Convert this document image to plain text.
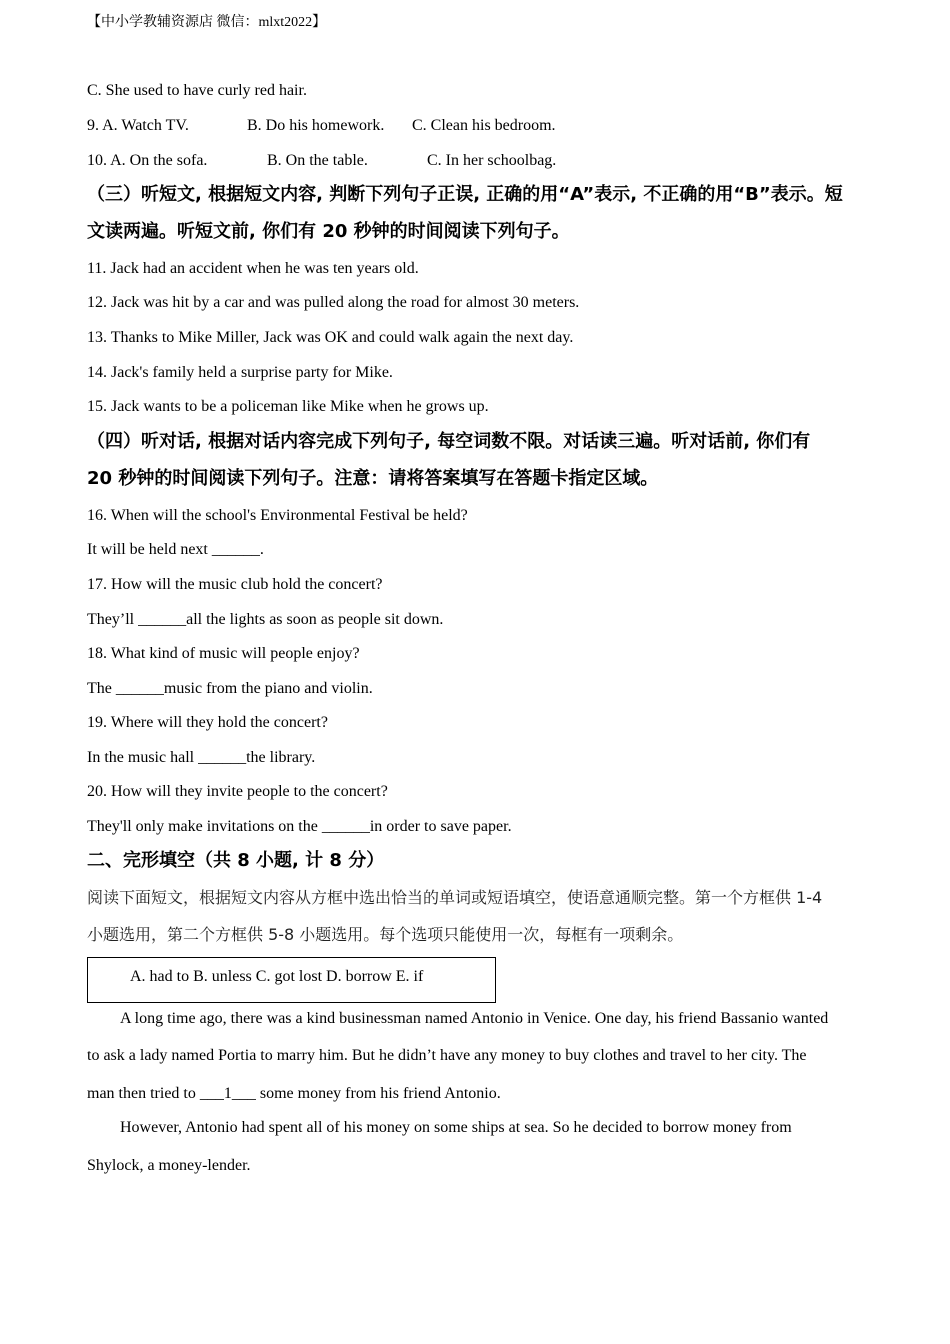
【中小学教辅资源店 微信：mlxt2022】
C. She used to have curly red hair.
9. A. Watch TV.	B. Do his homework. C. Clean his bedroom.
10. A. On the sofa.	B. On the table.	C. In her schoolbag.
（三）听短文, 根据短文内容, 判断下列句子正误, 正确的用“A”表示, 不正确的用“B”表示。短
文读两遍。听短文前, 你们有 20 秒钟的时间阅读下列句子。
11. Jack had an accident when he was ten years old.
12. Jack was hit by a car and was pulled along the road for almost 30 meters.
13. Thanks to Mike Miller, Jack was OK and could walk again the next day.
14. Jack's family held a surprise party for Mike.
15. Jack wants to be a policeman like Mike when he grows up.
（四）听对话, 根据对话内容完成下列句子, 每空词数不限。对话读三遍。听对话前, 你们有
20 秒钟的时间阅读下列句子。注意：请将答案填写在答题卡指定区域。
16. When will the school's Environmental Festival be held?
It will be held next ______.
17. How will the music club hold the concert?
They’ll ______all the lights as soon as people sit down.
18. What kind of music will people enjoy?
The ______music from the piano and violin.
19. Where will they hold the concert?
In the music hall ______the library.
20. How will they invite people to the concert?
They'll only make invitations on the ______in order to save paper.
二、完形填空（共 8 小题, 计 8 分）
阅读下面短文，根据短文内容从方框中选出恰当的单词或短语填空，使语意通顺完整。第一个方框供 1-4
小题选用，第二个方框供 5-8 小题选用。每个选项只能使用一次，每框有一项剩余。
A. had to B. unless C. got lost D. borrow E. if
A long time ago, there was a kind businessman named Antonio in Venice. One day, his friend Bassanio wanted
to ask a lady named Portia to marry him. But he didn’t have any money to buy clothes and travel to her city. The
man then tried to ___1___ some money from his friend Antonio.
However, Antonio had spent all of his money on some ships at sea. So he decided to borrow money from
Shylock, a money-lender.
